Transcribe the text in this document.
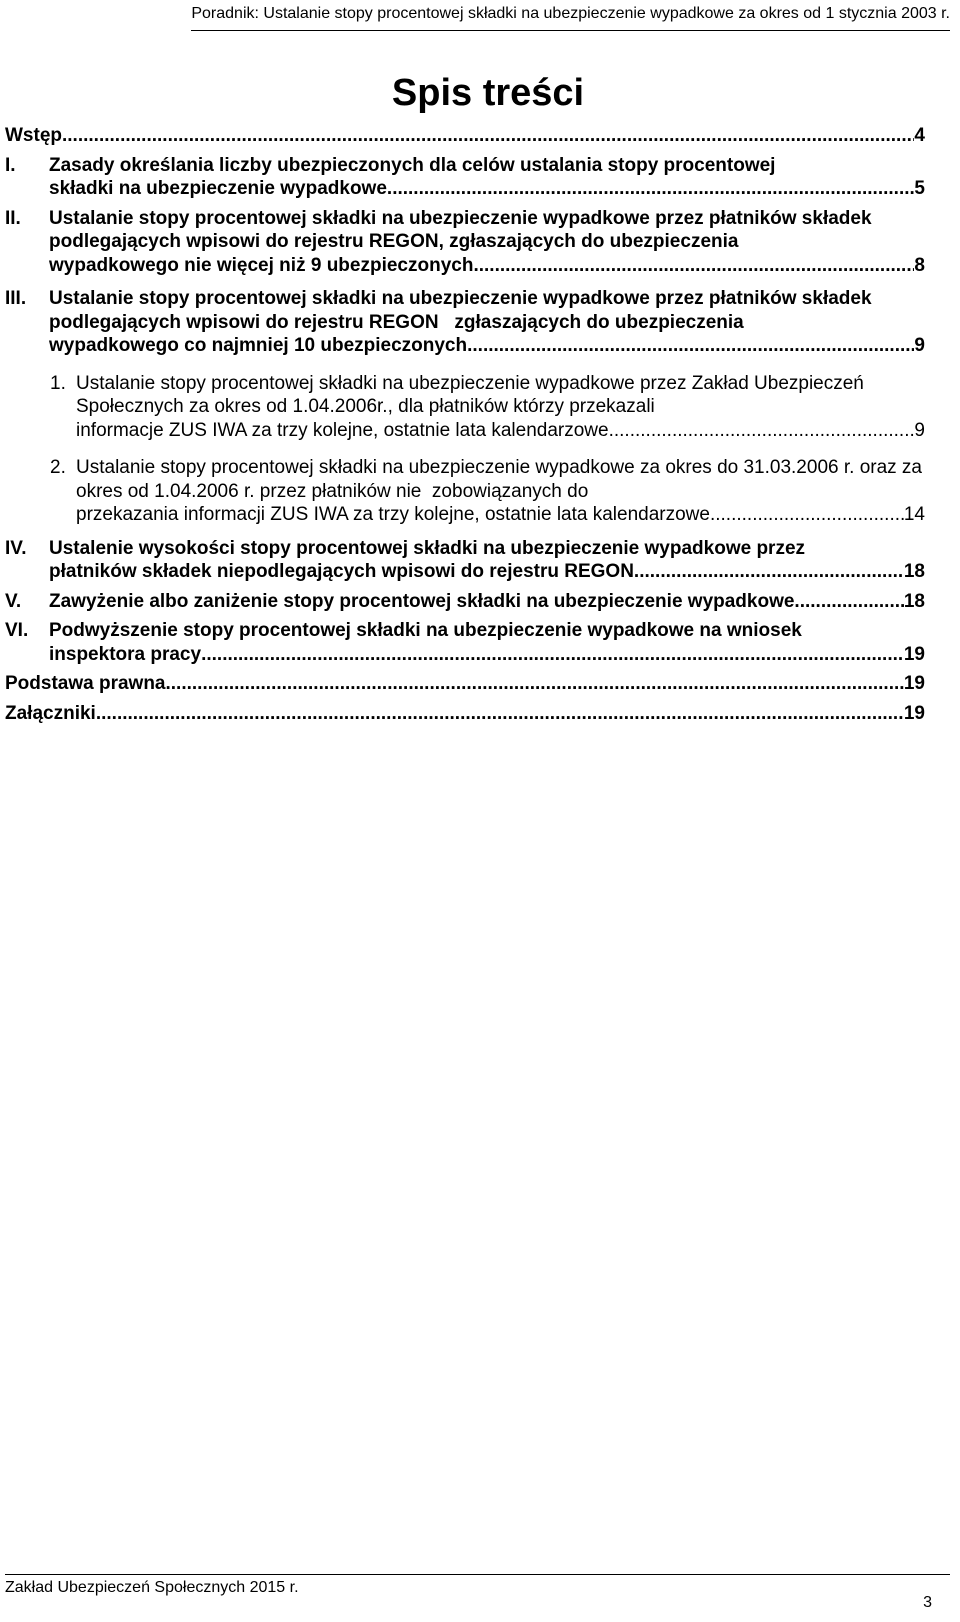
Poradnik: Ustalanie stopy procentowej składki na ubezpieczenie wypadkowe za okres od 1 stycznia 2003 r.
Spis treści
Wstęp .....	4
I.	Zasady określania liczby ubezpieczonych dla celów ustalania stopy procentowej
składki na ubezpieczenie wypadkowe. .....	5
II.	Ustalanie stopy procentowej składki na ubezpieczenie wypadkowe przez płatników składek podlegających wpisowi do rejestru REGON, zgłaszających do ubezpieczenia
wypadkowego nie więcej niż 9 ubezpieczonych .....	8
III.	Ustalanie stopy procentowej składki na ubezpieczenie wypadkowe przez płatników składek podlegających wpisowi do rejestru REGON   zgłaszających do ubezpieczenia
wypadkowego co najmniej 10 ubezpieczonych .....	9
1. Ustalanie stopy procentowej składki na ubezpieczenie wypadkowe przez Zakład Ubezpieczeń Społecznych za okres od 1.04.2006r., dla płatników którzy przekazali
informacje ZUS IWA za trzy kolejne, ostatnie lata kalendarzowe .....	9
2. Ustalanie stopy procentowej składki na ubezpieczenie wypadkowe za okres do 31.03.2006 r. oraz za okres od 1.04.2006 r. przez płatników nie  zobowiązanych do
przekazania informacji ZUS IWA za trzy kolejne, ostatnie lata kalendarzowe .....	14
IV.	Ustalenie wysokości stopy procentowej składki na ubezpieczenie wypadkowe przez
płatników składek niepodlegających wpisowi do rejestru REGON. .....	18
V.	Zawyżenie albo zaniżenie stopy procentowej składki na ubezpieczenie wypadkowe. .....	18
VI.	Podwyższenie stopy procentowej składki na ubezpieczenie wypadkowe na wniosek
inspektora pracy .....	19
Podstawa prawna .....	19
Załączniki .....	19
Zakład Ubezpieczeń Społecznych 2015 r.
3
